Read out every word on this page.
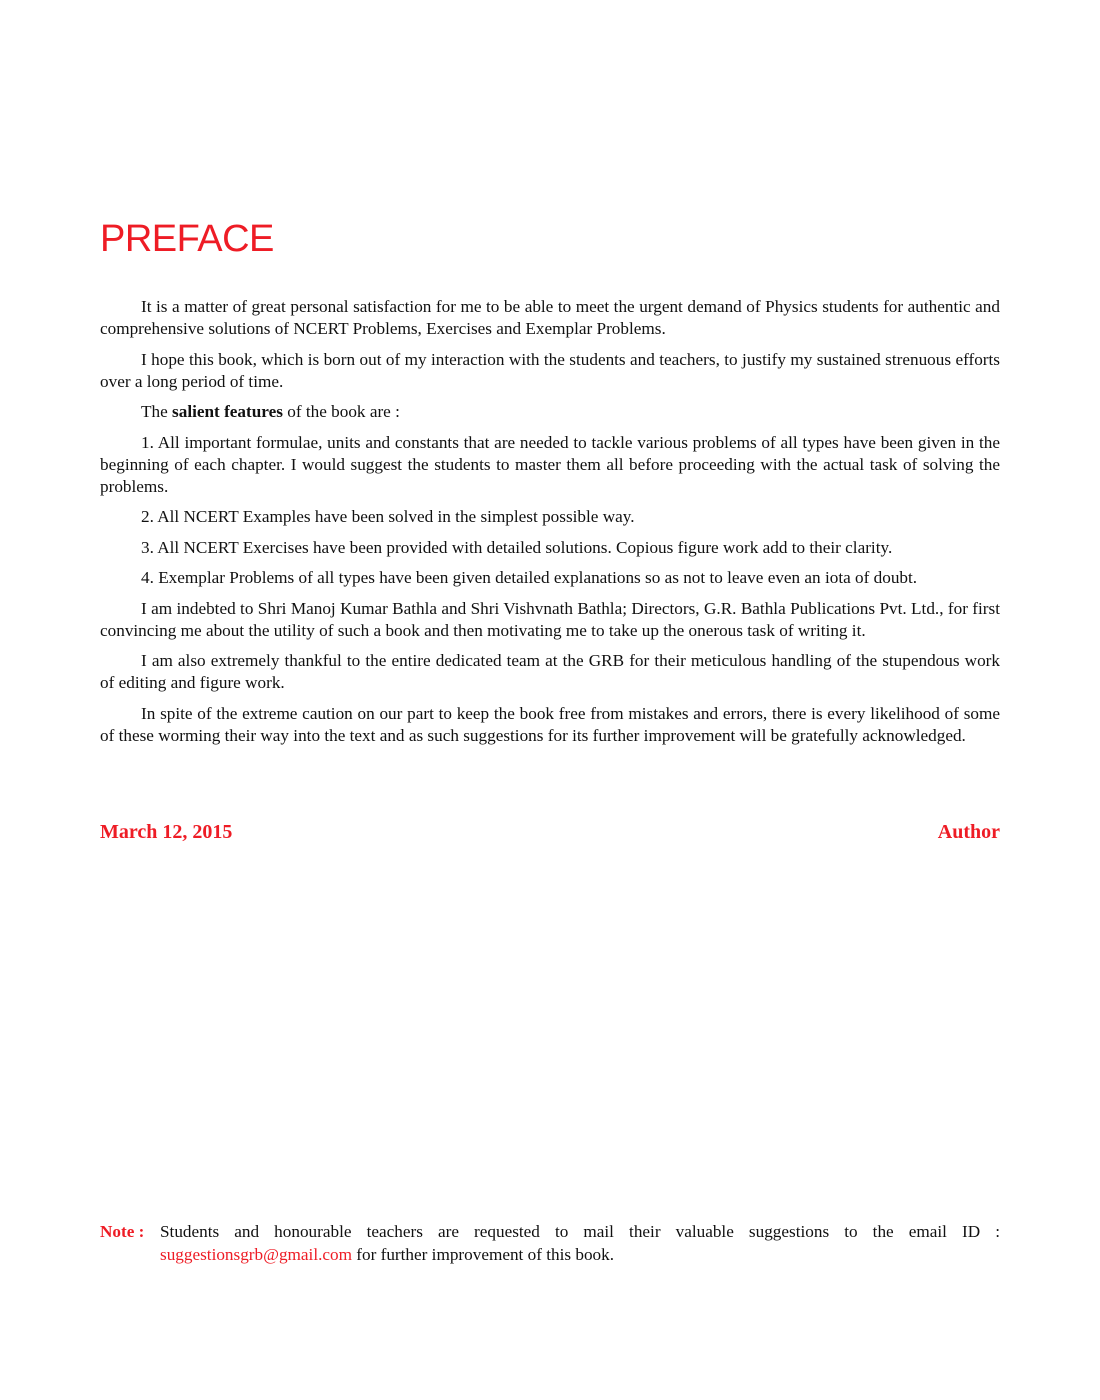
PREFACE

It is a matter of great personal satisfaction for me to be able to meet the urgent demand of Physics students for authentic and comprehensive solutions of NCERT Problems, Exercises and Exemplar Problems.

I hope this book, which is born out of my interaction with the students and teachers, to justify my sustained strenuous efforts over a long period of time.

The salient features of the book are :

1. All important formulae, units and constants that are needed to tackle various problems of all types have been given in the beginning of each chapter. I would suggest the students to master them all before proceeding with the actual task of solving the problems.

2. All NCERT Examples have been solved in the simplest possible way.

3. All NCERT Exercises have been provided with detailed solutions. Copious figure work add to their clarity.

4. Exemplar Problems of all types have been given detailed explanations so as not to leave even an iota of doubt.

I am indebted to Shri Manoj Kumar Bathla and Shri Vishvnath Bathla; Directors, G.R. Bathla Publications Pvt. Ltd., for first convincing me about the utility of such a book and then motivating me to take up the onerous task of writing it.

I am also extremely thankful to the entire dedicated team at the GRB for their meticulous handling of the stupendous work of editing and figure work.

In spite of the extreme caution on our part to keep the book free from mistakes and errors, there is every likelihood of some of these worming their way into the text and as such suggestions for its further improvement will be gratefully acknowledged.

March 12, 2015	Author
Note : Students and honourable teachers are requested to mail their valuable suggestions to the email ID :
suggestionsgrb@gmail.com for further improvement of this book.
